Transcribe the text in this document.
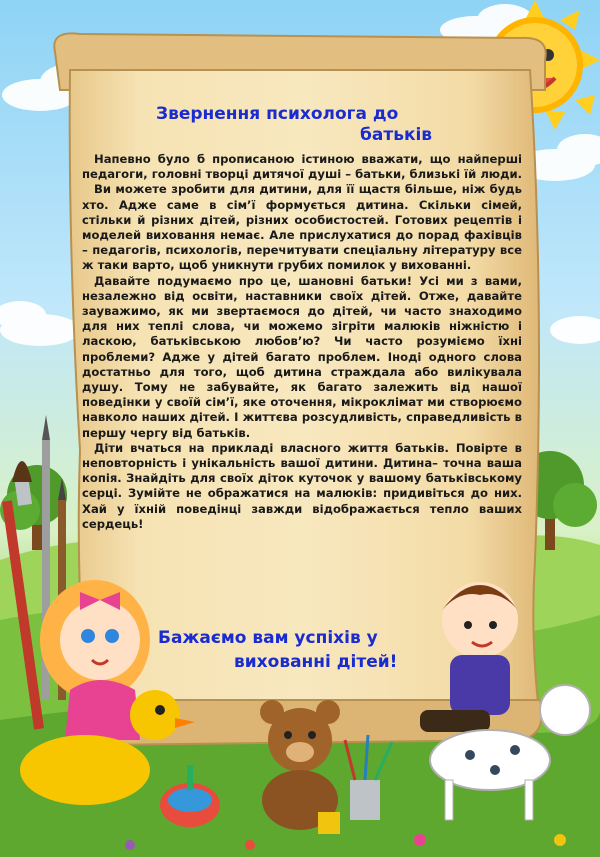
Звернення психолога до
батьків

Напевно було б прописаною істиною вважати, що найперші педагоги, головні творці дитячої душі – батьки, близькі їй люди.

Ви можете зробити для дитини, для її щастя більше, ніж будь хто. Адже саме в сім’ї формується дитина. Скільки сімей, стільки й різних дітей, різних особистостей. Готових рецептів і моделей виховання немає. Але прислухатися до порад фахівців – педагогів, психологів, перечитувати спеціальну літературу все ж таки варто, щоб уникнути грубих помилок у вихованні.

Давайте подумаємо про це, шановні батьки! Усі ми з вами, незалежно від освіти, наставники своїх дітей. Отже, давайте зауважимо, як ми звертаємося до дітей, чи часто знаходимо для них теплі слова, чи можемо зігріти малюків ніжністю і ласкою, батьківською любов’ю? Чи часто розуміємо їхні проблеми? Адже у дітей багато проблем. Іноді одного слова достатньо для того, щоб дитина страждала або вилікувала душу. Тому не забувайте, як багато залежить від нашої поведінки у своїй сім’ї, яке оточення, мікроклімат ми створюємо навколо наших дітей. І життєва розсудливість, справедливість в першу чергу від батьків.

Діти вчаться на прикладі власного життя батьків. Повірте в неповторність і унікальність вашої дитини. Дитина– точна ваша копія. Знайдіть для своїх діток куточок у вашому батьківському серці. Зумійте не ображатися на малюків: придивіться до них. Хай у їхній поведінці завжди відображається тепло ваших сердець!

Бажаємо вам успіхів у
вихованні дітей!
